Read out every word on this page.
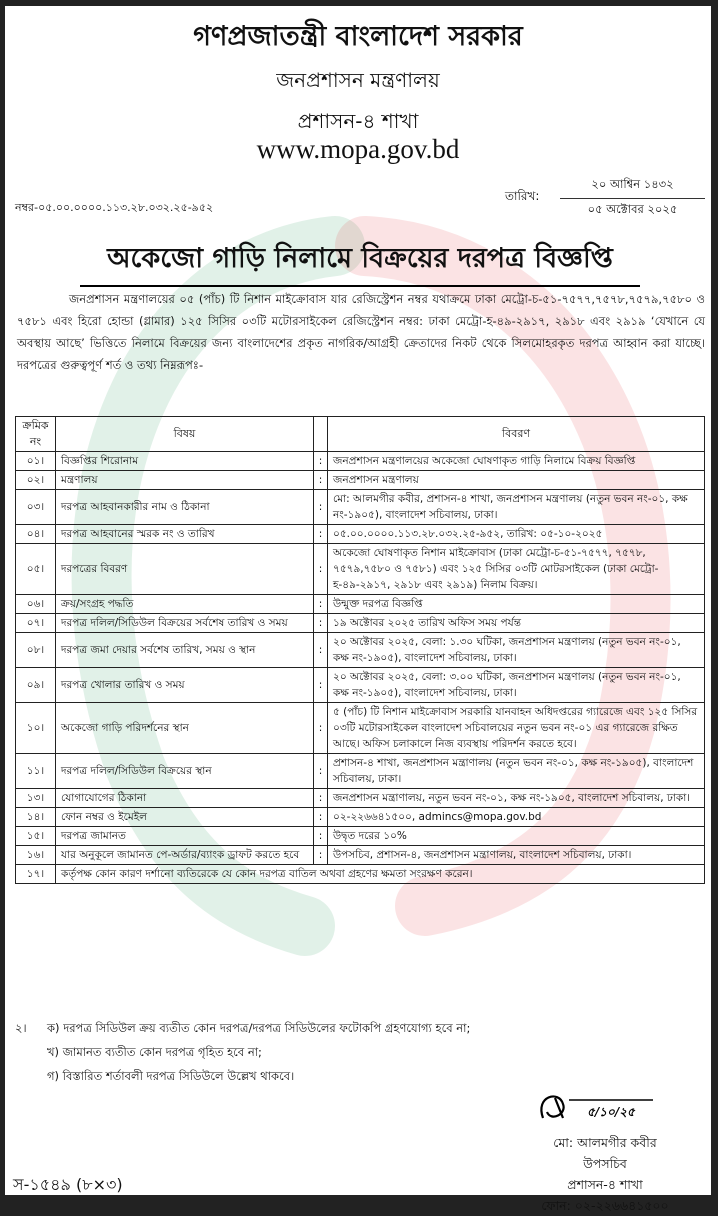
গণপ্রজাতন্ত্রী বাংলাদেশ সরকার
জনপ্রশাসন মন্ত্রণালয়
প্রশাসন-৪ শাখা
www.mopa.gov.bd
নম্বর-০৫.০০.০০০০.১১৩.২৮.০৩২.২৫-৯৫২
তারিখ:
২০ আশ্বিন ১৪৩২
০৫ অক্টোবর ২০২৫
অকেজো গাড়ি নিলামে বিক্রয়ের দরপত্র বিজ্ঞপ্তি
জনপ্রশাসন মন্ত্রণালয়ের ০৫ (পাঁচ) টি নিশান মাইক্রোবাস যার রেজিস্ট্রেশন নম্বর যথাক্রমে ঢাকা মেট্রো-চ-৫১-৭৫৭৭,৭৫৭৮,৭৫৭৯,৭৫৮০ ও ৭৫৮১ এবং হিরো হোন্ডা (গ্লামার) ১২৫ সিসির ০৩টি মটোরসাইকেল রেজিস্ট্রেশন নম্বর: ঢাকা মেট্রো-হ-৪৯-২৯১৭, ২৯১৮ এবং ২৯১৯ ‘যেখানে যে অবস্থায় আছে’ ভিত্তিতে নিলামে বিক্রয়ের জন্য বাংলাদেশের প্রকৃত নাগরিক/আগ্রহী ক্রেতাদের নিকট থেকে সিলমোহরকৃত দরপত্র আহ্বান করা যাচ্ছে। দরপত্রের গুরুত্বপূর্ণ শর্ত ও তথ্য নিম্নরূপঃ-
ক্রমিক নং	বিষয়		বিবরণ
০১।	বিজ্ঞপ্তির শিরোনাম	:	জনপ্রশাসন মন্ত্রণালয়ের অকেজো ঘোষণাকৃত গাড়ি নিলামে বিক্রয় বিজ্ঞপ্তি
০২।	মন্ত্রণালয়	:	জনপ্রশাসন মন্ত্রণালয়
০৩।	দরপত্র আহবানকারীর নাম ও ঠিকানা	:	মো: আলমগীর কবীর, প্রশাসন-৪ শাখা, জনপ্রশাসন মন্ত্রণালয় (নতুন ভবন নং-০১, কক্ষ নং-১৯০৫), বাংলাদেশ সচিবালয়, ঢাকা।
০৪।	দরপত্র আহবানের স্মরক নং ও তারিখ	:	০৫.০০.০০০০.১১৩.২৮.০৩২.২৫-৯৫২, তারিখ: ০৫-১০-২০২৫
০৫।	দরপত্রের বিবরণ	:	অকেজো ঘোষণাকৃত নিশান মাইক্রোবাস (ঢাকা মেট্রো-চ-৫১-৭৫৭৭, ৭৫৭৮, ৭৫৭৯,৭৫৮০ ও ৭৫৮১) এবং ১২৫ সিসির ০৩টি মোটরসাইকেল (ঢাকা মেট্রো-হ-৪৯-২৯১৭, ২৯১৮ এবং ২৯১৯) নিলাম বিক্রয়।
০৬।	ক্রয়/সংগ্রহ পদ্ধতি	:	উন্মুক্ত দরপত্র বিজ্ঞপ্তি
০৭।	দরপত্র দলিল/সিডিউল বিক্রয়ের সর্বশেষ তারিখ ও সময়	:	১৯ অক্টোবর ২০২৫ তারিখ অফিস সময় পর্যন্ত
০৮।	দরপত্র জমা দেয়ার সর্বশেষ তারিখ, সময় ও স্থান	:	২০ অক্টোবর ২০২৫, বেলা: ১.৩০ ঘটিকা, জনপ্রশাসন মন্ত্রণালয় (নতুন ভবন নং-০১, কক্ষ নং-১৯০৫), বাংলাদেশ সচিবালয়, ঢাকা।
০৯।	দরপত্র খোলার তারিখ ও সময়	:	২০ অক্টোবর ২০২৫, বেলা: ৩.০০ ঘটিকা, জনপ্রশাসন মন্ত্রণালয় (নতুন ভবন নং-০১, কক্ষ নং-১৯০৫), বাংলাদেশ সচিবালয়, ঢাকা।
১০।	অকেজো গাড়ি পরিদর্শনের স্থান	:	৫ (পাঁচ) টি নিশান মাইক্রোবাস সরকারি যানবাহন অধিদপ্তরের গ্যারেজে এবং ১২৫ সিসির ০৩টি মটোরসাইকেল বাংলাদেশ সচিবালয়ের নতুন ভবন নং-০১ এর গ্যারেজে রক্ষিত আছে। অফিস চলাকালে নিজ ব্যবস্থায় পরিদর্শন করতে হবে।
১১।	দরপত্র দলিল/সিডিউল বিক্রয়ের স্থান	:	প্রশাসন-৪ শাখা, জনপ্রশাসন মন্ত্রাণালয় (নতুন ভবন নং-০১, কক্ষ নং-১৯০৫), বাংলাদেশ সচিবালয়, ঢাকা।
১৩।	যোগাযোগের ঠিকানা	:	জনপ্রশাসন মন্ত্রাণালয়, নতুন ভবন নং-০১, কক্ষ নং-১৯০৫, বাংলাদেশ সচিবালয়, ঢাকা।
১৪।	ফোন নম্বর ও ইমেইল	:	০২-২২৬৬৪১৫০০, admincs@mopa.gov.bd
১৫।	দরপত্র জামানত	:	উদ্বৃত দরের ১০%
১৬।	যার অনুকূলে জামানত পে-অর্ডার/ব্যাংক ড্রাফট করতে হবে	:	উপসচিব, প্রশাসন-৪, জনপ্রশাসন মন্ত্রাণালয়, বাংলাদেশ সচিবালয়, ঢাকা।
১৭।	কর্তৃপক্ষ কোন কারণ দর্শানো ব্যতিরেকে যে কোন দরপত্র বাতিল অথবা গ্রহণের ক্ষমতা সংরক্ষণ করেন।		
২। ক) দরপত্র সিডিউল ক্রয় ব্যতীত কোন দরপত্র/দরপত্র সিডিউলের ফটোকপি গ্রহণযোগ্য হবে না;
খ) জামানত ব্যতীত কোন দরপত্র গৃহিত হবে না;
গ) বিস্তারিত শর্তাবলী দরপত্র সিডিউলে উল্লেখ থাকবে।
৫/১০/২৫
মো: আলমগীর কবীর
উপসচিব
প্রশাসন-৪ শাখা
ফোন: ০২-২২৬৬৪১৫০০
স-১৫৪৯ (৮×৩)
